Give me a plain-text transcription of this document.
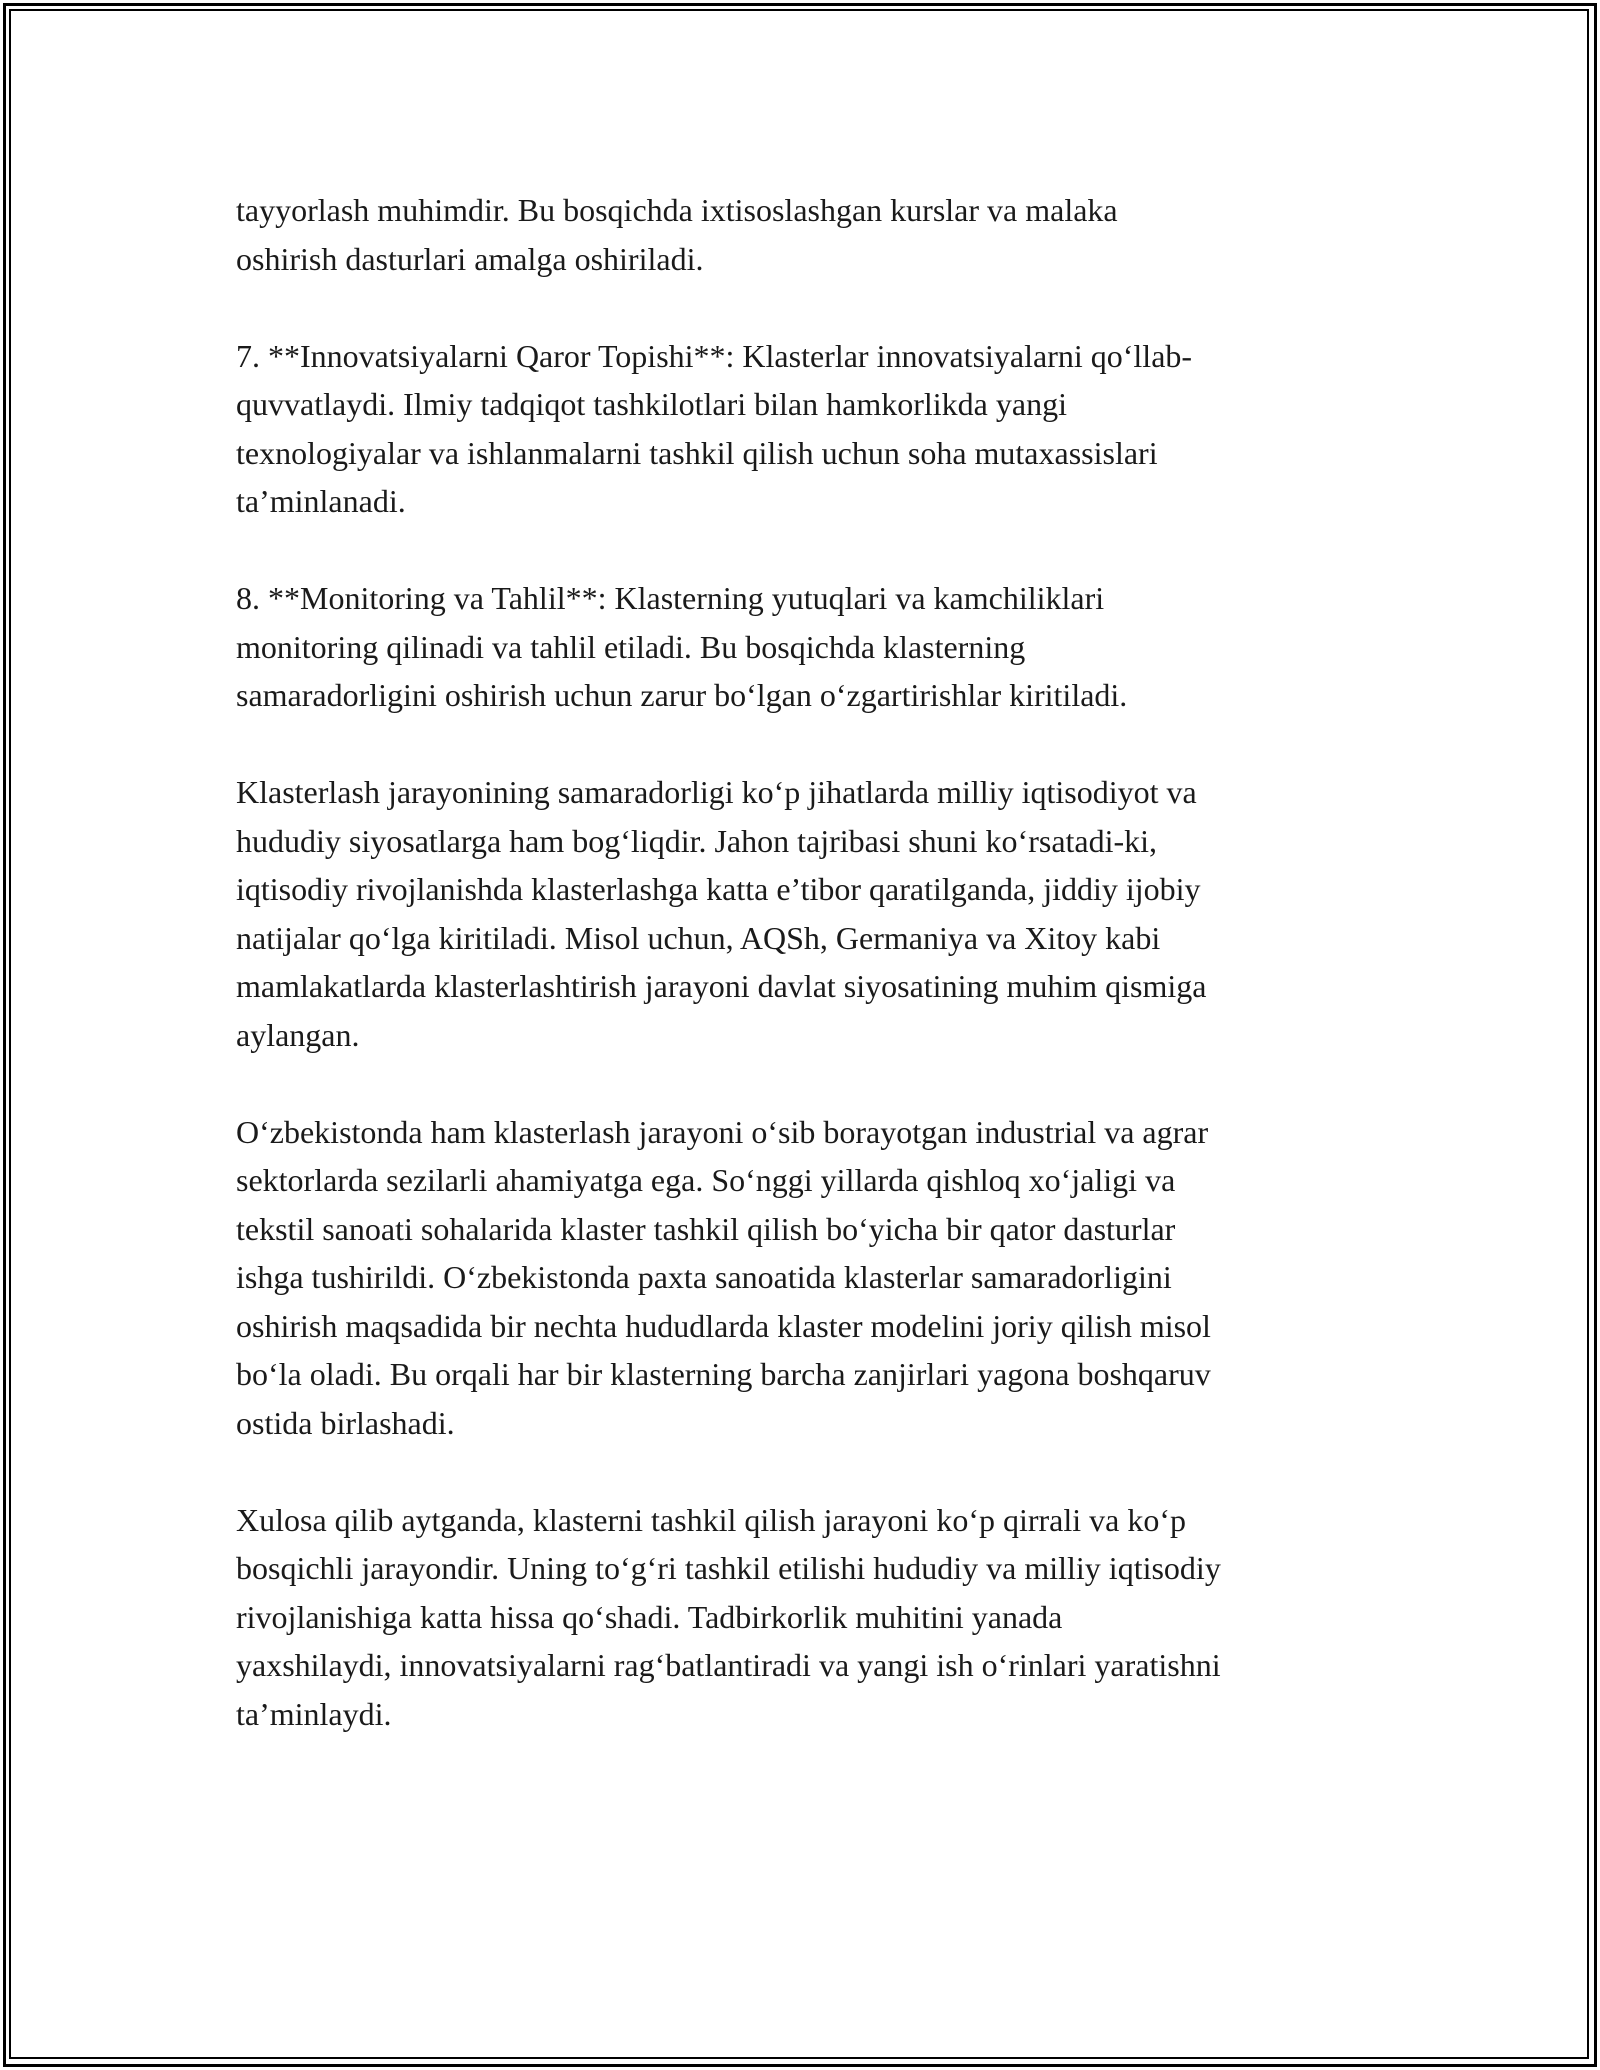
tayyorlash muhimdir. Bu bosqichda ixtisoslashgan kurslar va malaka
oshirish dasturlari amalga oshiriladi.

7. **Innovatsiyalarni Qaror Topishi**: Klasterlar innovatsiyalarni qo‘llab-
quvvatlaydi. Ilmiy tadqiqot tashkilotlari bilan hamkorlikda yangi
texnologiyalar va ishlanmalarni tashkil qilish uchun soha mutaxassislari
ta’minlanadi.

8. **Monitoring va Tahlil**: Klasterning yutuqlari va kamchiliklari
monitoring qilinadi va tahlil etiladi. Bu bosqichda klasterning
samaradorligini oshirish uchun zarur bo‘lgan o‘zgartirishlar kiritiladi.

Klasterlash jarayonining samaradorligi ko‘p jihatlarda milliy iqtisodiyot va
hududiy siyosatlarga ham bog‘liqdir. Jahon tajribasi shuni ko‘rsatadi-ki,
iqtisodiy rivojlanishda klasterlashga katta e’tibor qaratilganda, jiddiy ijobiy
natijalar qo‘lga kiritiladi. Misol uchun, AQSh, Germaniya va Xitoy kabi
mamlakatlarda klasterlashtirish jarayoni davlat siyosatining muhim qismiga
aylangan.

O‘zbekistonda ham klasterlash jarayoni o‘sib borayotgan industrial va agrar
sektorlarda sezilarli ahamiyatga ega. So‘nggi yillarda qishloq xo‘jaligi va
tekstil sanoati sohalarida klaster tashkil qilish bo‘yicha bir qator dasturlar
ishga tushirildi. O‘zbekistonda paxta sanoatida klasterlar samaradorligini
oshirish maqsadida bir nechta hududlarda klaster modelini joriy qilish misol
bo‘la oladi. Bu orqali har bir klasterning barcha zanjirlari yagona boshqaruv
ostida birlashadi.

Xulosa qilib aytganda, klasterni tashkil qilish jarayoni ko‘p qirrali va ko‘p
bosqichli jarayondir. Uning to‘g‘ri tashkil etilishi hududiy va milliy iqtisodiy
rivojlanishiga katta hissa qo‘shadi. Tadbirkorlik muhitini yanada
yaxshilaydi, innovatsiyalarni rag‘batlantiradi va yangi ish o‘rinlari yaratishni
ta’minlaydi.
